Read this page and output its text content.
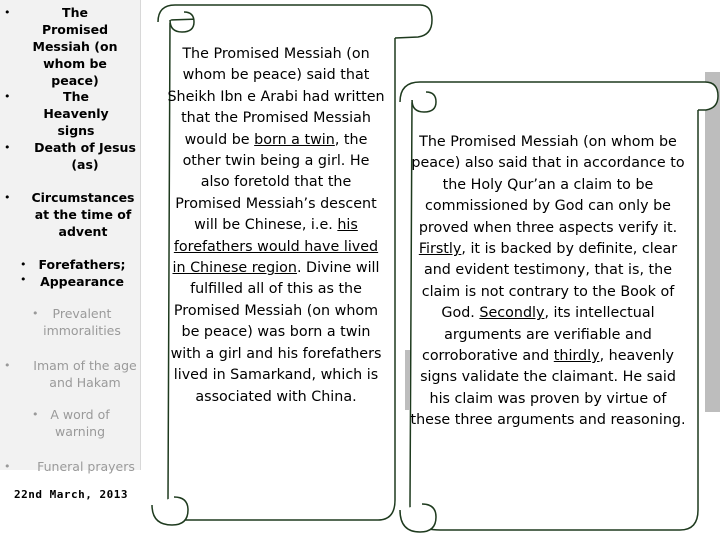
•	The Promised Messiah (on whom be peace)
•	The Heavenly signs
•	Death of Jesus (as)
•	Circumstances at the time of advent
•
•
Forefathers; Appearance
•	Prevalent immoralities
•	Imam of the age and Hakam
• A word of warning
•	Funeral prayers
22nd March, 2013
The Promised Messiah (on whom be peace) said that Sheikh Ibn e Arabi had written that the Promised Messiah would be born a twin, the other twin being a girl. He also foretold that the Promised Messiah’s descent will be Chinese, i.e. his forefathers would have lived in Chinese region. Divine will fulfilled all of this as the Promised Messiah (on whom be peace) was born a twin with a girl and his forefathers lived in Samarkand, which is associated with China.
The Promised Messiah (on whom be peace) also said that in accordance to the Holy Qur’an a claim to be commissioned by God can only be proved when three aspects verify it. Firstly, it is backed by definite, clear and evident testimony, that is, the claim is not contrary to the Book of God. Secondly, its intellectual arguments are verifiable and corroborative and thirdly, heavenly signs validate the claimant. He said his claim was proven by virtue of these three arguments and reasoning.
